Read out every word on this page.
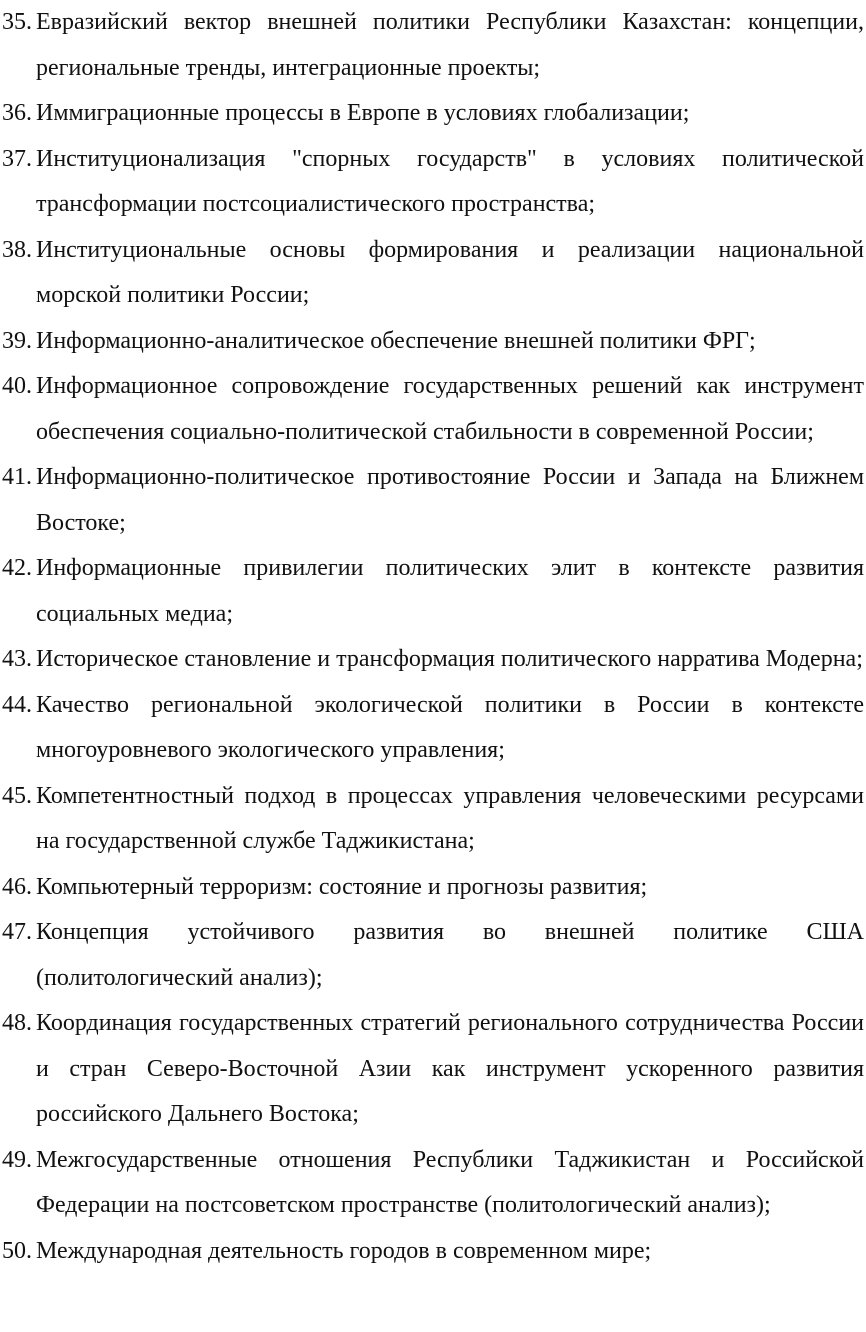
35. Евразийский вектор внешней политики Республики Казахстан: концепции, региональные тренды, интеграционные проекты;
36. Иммиграционные процессы в Европе в условиях глобализации;
37. Институционализация "спорных государств" в условиях политической трансформации постсоциалистического пространства;
38. Институциональные основы формирования и реализации национальной морской политики России;
39. Информационно-аналитическое обеспечение внешней политики ФРГ;
40. Информационное сопровождение государственных решений как инструмент обеспечения социально-политической стабильности в современной России;
41. Информационно-политическое противостояние России и Запада на Ближнем Востоке;
42. Информационные привилегии политических элит в контексте развития социальных медиа;
43. Историческое становление и трансформация политического нарратива Модерна;
44. Качество региональной экологической политики в России в контексте многоуровневого экологического управления;
45. Компетентностный подход в процессах управления человеческими ресурсами на государственной службе Таджикистана;
46. Компьютерный терроризм: состояние и прогнозы развития;
47. Концепция устойчивого развития во внешней политике США (политологический анализ);
48. Координация государственных стратегий регионального сотрудничества России и стран Северо-Восточной Азии как инструмент ускоренного развития российского Дальнего Востока;
49. Межгосударственные отношения Республики Таджикистан и Российской Федерации на постсоветском пространстве (политологический анализ);
50. Международная деятельность городов в современном мире;
